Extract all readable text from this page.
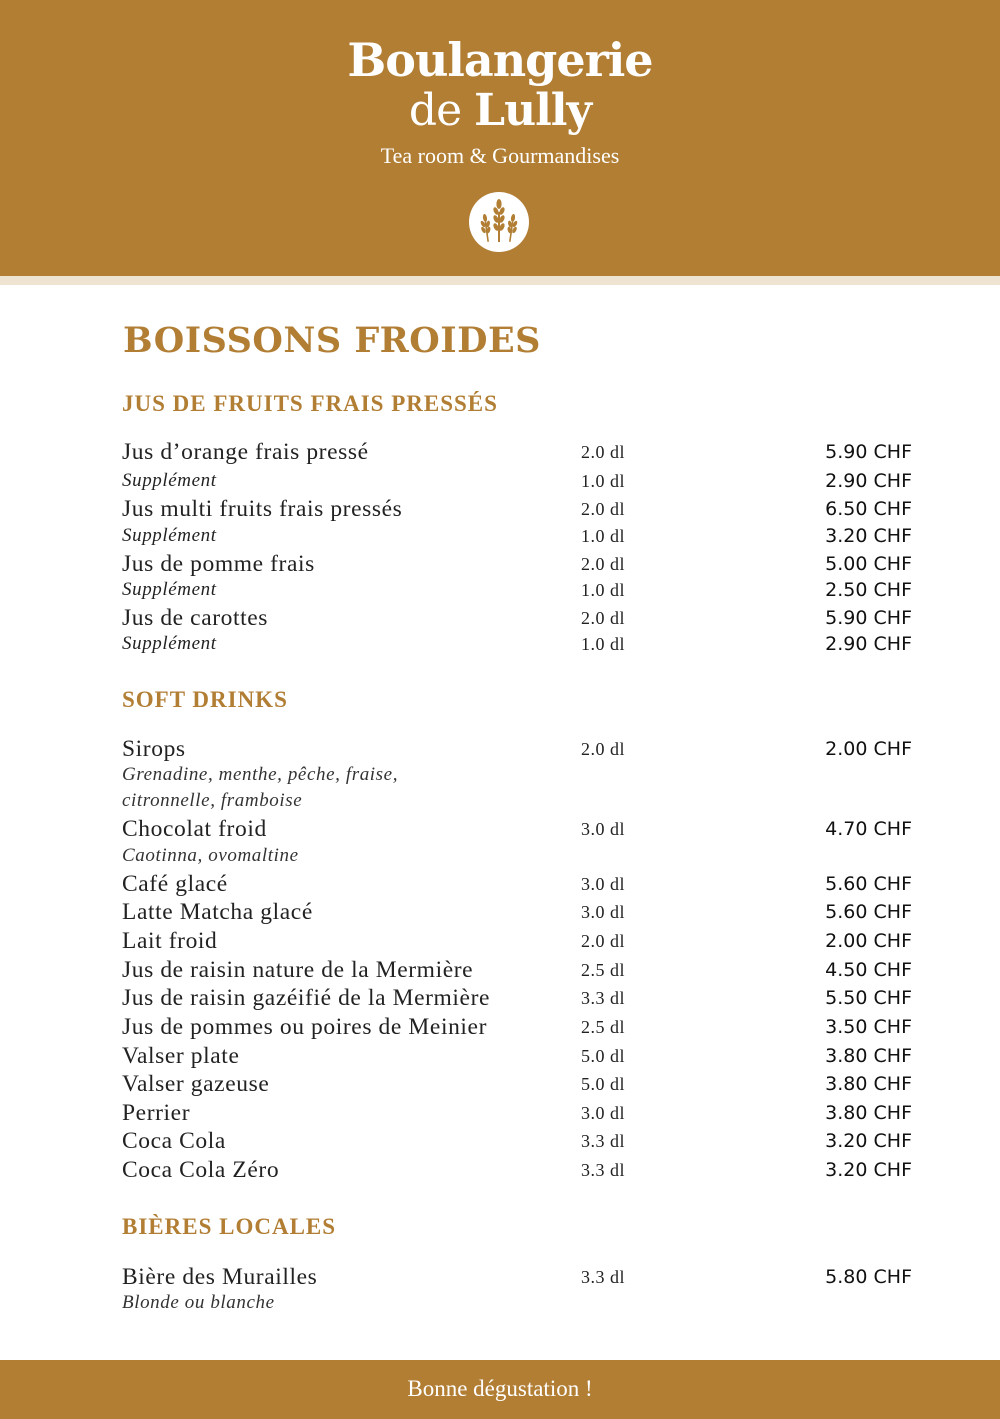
Boulangerie
de Lully
Tea room & Gourmandises
BOISSONS FROIDES
JUS DE FRUITS FRAIS PRESSÉS
Jus d’orange frais pressé	2.0 dl	5.90 CHF
Supplément	1.0 dl	2.90 CHF
Jus multi fruits frais pressés	2.0 dl	6.50 CHF
Supplément	1.0 dl	3.20 CHF
Jus de pomme frais	2.0 dl	5.00 CHF
Supplément	1.0 dl	2.50 CHF
Jus de carottes	2.0 dl	5.90 CHF
Supplément	1.0 dl	2.90 CHF
SOFT DRINKS
Sirops	2.0 dl	2.00 CHF
Grenadine, menthe, pêche, fraise,
citronnelle, framboise
Chocolat froid	3.0 dl	4.70 CHF
Caotinna, ovomaltine
Café glacé	3.0 dl	5.60 CHF
Latte Matcha glacé	3.0 dl	5.60 CHF
Lait froid	2.0 dl	2.00 CHF
Jus de raisin nature de la Mermière	2.5 dl	4.50 CHF
Jus de raisin gazéifié de la Mermière	3.3 dl	5.50 CHF
Jus de pommes ou poires de Meinier	2.5 dl	3.50 CHF
Valser plate	5.0 dl	3.80 CHF
Valser gazeuse	5.0 dl	3.80 CHF
Perrier	3.0 dl	3.80 CHF
Coca Cola	3.3 dl	3.20 CHF
Coca Cola Zéro	3.3 dl	3.20 CHF
BIÈRES LOCALES
Bière des Murailles	3.3 dl	5.80 CHF
Blonde ou blanche
Bonne dégustation !
